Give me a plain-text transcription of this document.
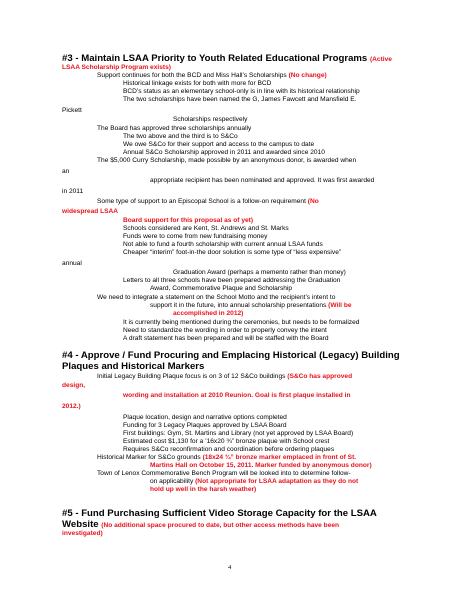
#3 - Maintain LSAA Priority to Youth Related Educational Programs (Active
LSAA Scholarship Program exists)
Support continues for both the BCD and Miss Hall’s Scholarships (No change)
Historical linkage exists for both with more for BCD
BCD’s status as an elementary school-only is in line with its historical relationship
The two scholarships have been named the G, James Fawcett and Mansfield E.
Pickett
Scholarships respectively
The Board has approved three scholarships annually
The two above and the third is to S&Co
We owe S&Co for their support and access to the campus to date
Annual S&Co Scholarship approved in 2011 and awarded since 2010
The $5,000 Curry Scholarship, made possible by an anonymous donor, is awarded when
an
appropriate recipient has been nominated and approved. It was first awarded
in 2011
Some type of support to an Episcopal School is a follow-on requirement (No
widespread LSAA
Board support for this proposal as of yet)
Schools considered are Kent, St. Andrews and St. Marks
Funds were to come from new fundraising money
Not able to fund a fourth scholarship with current annual LSAA funds
Cheaper “interim” foot-in-the door solution is some type of “less expensive”
annual
Graduation Award (perhaps a memento rather than money)
Letters to all three schools have been prepared addressing the Graduation
Award, Commemorative Plaque and Scholarship
We need to integrate a statement on the School Motto and the recipient’s intent to
support it in the future, into annual scholarship presentations (Will be
accomplished in 2012)
It is currently being mentioned during the ceremonies, but needs to be formalized
Need to standardize the wording in order to properly convey the intent
A draft statement has been prepared and will be staffed with the Board
#4 - Approve / Fund Procuring and Emplacing Historical (Legacy) Building
Plaques and Historical Markers
Initial Legacy Building Plaque focus is on 3 of 12 S&Co buildings (S&Co has approved
design,
wording and installation at 2010 Reunion. Goal is first plaque installed in
2012.)
Plaque location, design and narrative options completed
Funding for 3 Legacy Plaques approved by LSAA Board
First buildings: Gym, St. Martins and Library (not yet approved by LSAA Board)
Estimated cost $1,130 for a ’16x20 ¾” bronze plaque with School crest
Requires S&Co reconfirmation and coordination before ordering plaques
Historical Marker for S&Co grounds (18x24 ¾” bronze marker emplaced in front of St.
Martins Hall on October 15, 2011. Marker funded by anonymous donor)
Town of Lenox Commemorative Bench Program will be looked into to determine follow-
on applicability (Not appropriate for LSAA adaptation as they do not
hold up well in the harsh weather)
#5 - Fund Purchasing Sufficient Video Storage Capacity for the LSAA
Website (No additional space procured to date, but other access methods have been
investigated)
4
